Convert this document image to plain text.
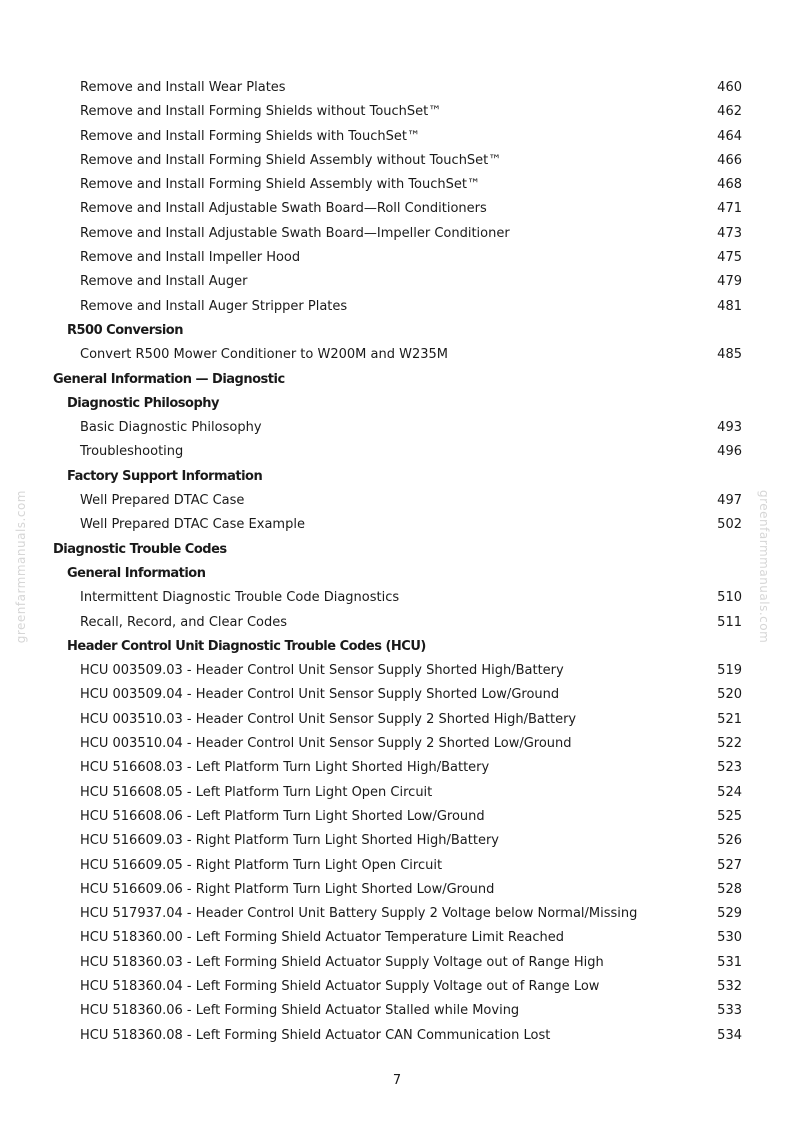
greenfarmmanuals.com	greenfarmmanuals.com
Remove and Install Wear Plates	460
Remove and Install Forming Shields without TouchSet™	462
Remove and Install Forming Shields with TouchSet™	464
Remove and Install Forming Shield Assembly without TouchSet™	466
Remove and Install Forming Shield Assembly with TouchSet™	468
Remove and Install Adjustable Swath Board—Roll Conditioners	471
Remove and Install Adjustable Swath Board—Impeller Conditioner	473
Remove and Install Impeller Hood	475
Remove and Install Auger	479
Remove and Install Auger Stripper Plates	481
R500 Conversion
Convert R500 Mower Conditioner to W200M and W235M	485
General Information — Diagnostic
Diagnostic Philosophy
Basic Diagnostic Philosophy	493
Troubleshooting	496
Factory Support Information
Well Prepared DTAC Case	497
Well Prepared DTAC Case Example	502
Diagnostic Trouble Codes
General Information
Intermittent Diagnostic Trouble Code Diagnostics	510
Recall, Record, and Clear Codes	511
Header Control Unit Diagnostic Trouble Codes (HCU)
HCU 003509.03 - Header Control Unit Sensor Supply Shorted High/Battery	519
HCU 003509.04 - Header Control Unit Sensor Supply Shorted Low/Ground	520
HCU 003510.03 - Header Control Unit Sensor Supply 2 Shorted High/Battery	521
HCU 003510.04 - Header Control Unit Sensor Supply 2 Shorted Low/Ground	522
HCU 516608.03 - Left Platform Turn Light Shorted High/Battery	523
HCU 516608.05 - Left Platform Turn Light Open Circuit	524
HCU 516608.06 - Left Platform Turn Light Shorted Low/Ground	525
HCU 516609.03 - Right Platform Turn Light Shorted High/Battery	526
HCU 516609.05 - Right Platform Turn Light Open Circuit	527
HCU 516609.06 - Right Platform Turn Light Shorted Low/Ground	528
HCU 517937.04 - Header Control Unit Battery Supply 2 Voltage below Normal/Missing	529
HCU 518360.00 - Left Forming Shield Actuator Temperature Limit Reached	530
HCU 518360.03 - Left Forming Shield Actuator Supply Voltage out of Range High	531
HCU 518360.04 - Left Forming Shield Actuator Supply Voltage out of Range Low	532
HCU 518360.06 - Left Forming Shield Actuator Stalled while Moving	533
HCU 518360.08 - Left Forming Shield Actuator CAN Communication Lost	534
7
